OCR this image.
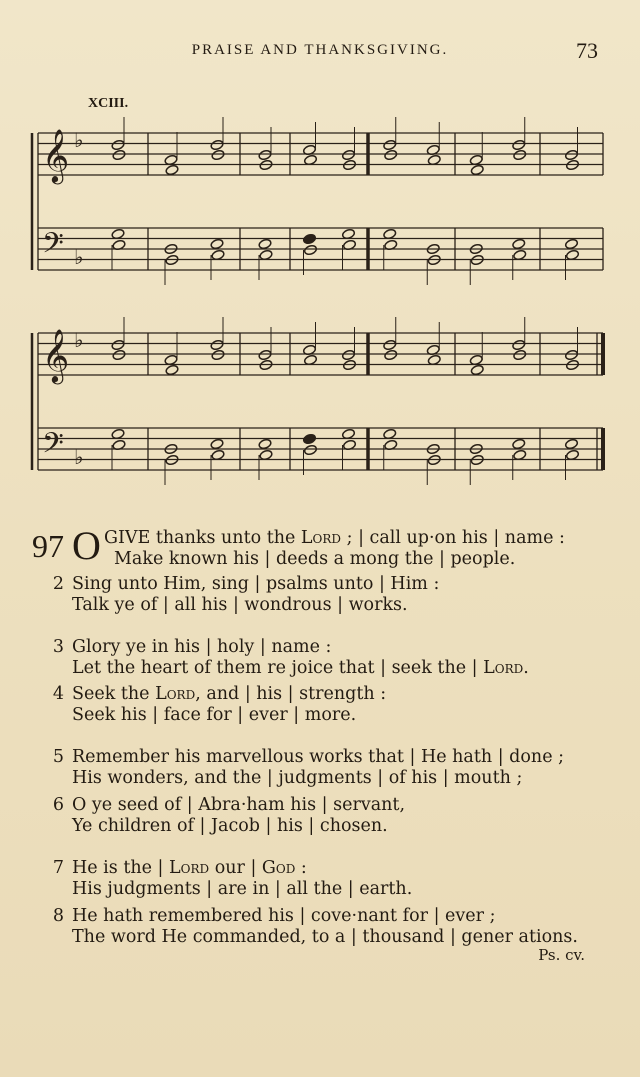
PRAISE AND THANKSGIVING.	73
XCIII.
𝄞
𝄢
♭
♭
𝄞
𝄢
♭
♭
97 O GIVE thanks unto the Lord ; | call up·on his | name :
Make known his | deeds a mong the | people.
2 Sing unto Him, sing | psalms unto | Him :
Talk ye of | all his | wondrous | works.
3 Glory ye in his | holy | name :
Let the heart of them re joice that | seek the | Lord.
4 Seek the Lord, and | his | strength :
Seek his | face for | ever | more.
5 Remember his marvellous works that | He hath | done ;
His wonders, and the | judgments | of his | mouth ;
6 O ye seed of | Abra·ham his | servant,
Ye children of | Jacob | his | chosen.
7 He is the | Lord our | God :
His judgments | are in | all the | earth.
8 He hath remembered his | cove·nant for | ever ;
The word He commanded, to a | thousand | gener ations.
Ps. cv.
